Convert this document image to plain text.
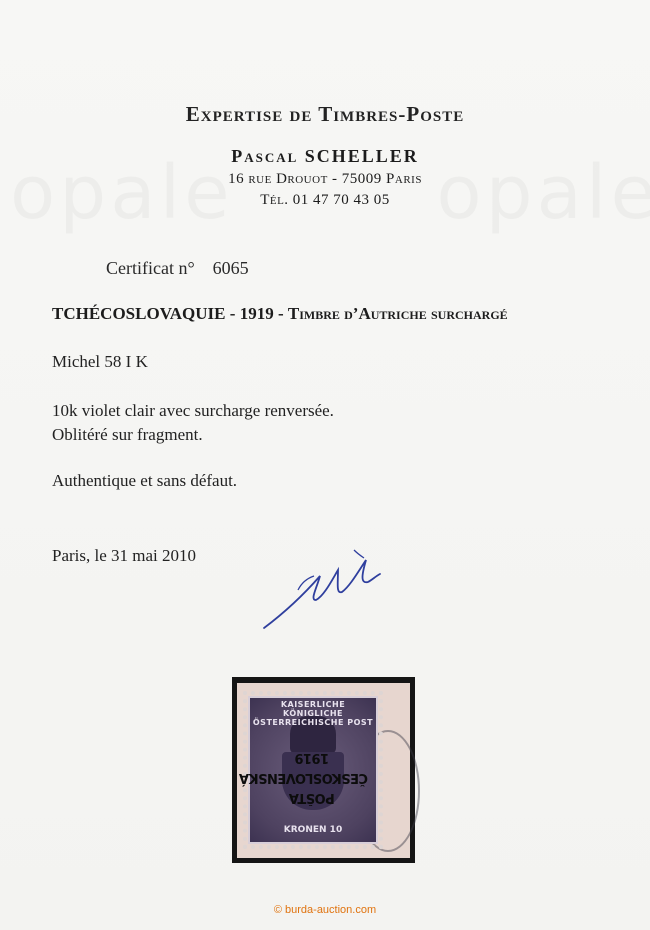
Expertise de Timbres-Poste
Pascal SCHELLER
16 rue Drouot - 75009 Paris
Tél. 01 47 70 43 05
Certificat n° 6065
TCHÉCOSLOVAQUIE - 1919 - Timbre d’Autriche surchargé
Michel 58 I K
10k violet clair avec surcharge renversée.
Oblitéré sur fragment.
Authentique et sans défaut.
Paris, le 31 mai 2010
KAISERLICHE KÖNIGLICHE ÖSTERREICHISCHE POST
KRONEN 10
POŠTA
ČESKOSLOVENSKÁ
1919
© burda-auction.com
